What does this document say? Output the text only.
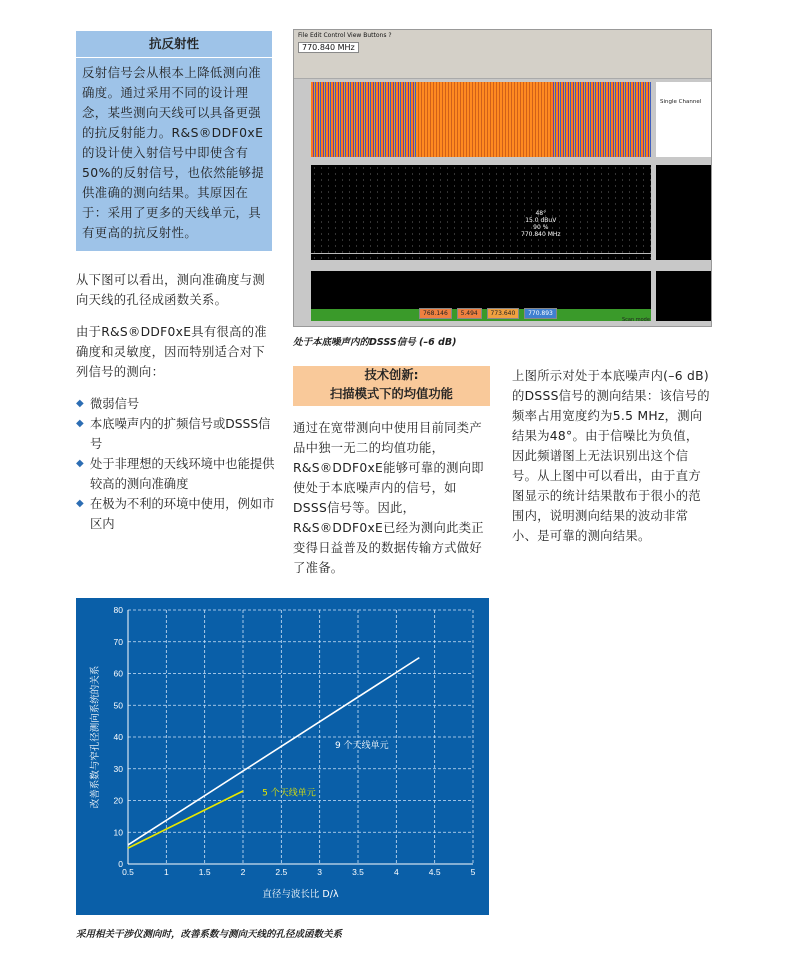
抗反射性
反射信号会从根本上降低测向准确度。通过采用不同的设计理念，某些测向天线可以具备更强的抗反射能力。R&S®DDF0xE的设计使入射信号中即使含有50%的反射信号，也依然能够提供准确的测向结果。其原因在于：采用了更多的天线单元，具有更高的抗反射性。
从下图可以看出，测向准确度与测向天线的孔径成函数关系。
由于R&S®DDF0xE具有很高的准确度和灵敏度，因而特别适合对下列信号的测向：
◆ 微弱信号
◆ 本底噪声内的扩频信号或DSSS信号
◆ 处于非理想的天线环境中也能提供较高的测向准确度
◆ 在极为不利的环境中使用，例如市区内
File Edit Control View Buttons ?
770.840 MHz
Single Channel
48°
15.0 dBuV
90 %
770.840 MHz
768.146 5.494 773.640 770.893
Scan mode
处于本底噪声内的DSSS信号 (–6 dB)
技术创新:
扫描模式下的均值功能
通过在宽带测向中使用目前同类产品中独一无二的均值功能，R&S®DDF0xE能够可靠的测向即使处于本底噪声内的信号，如DSSS信号等。因此，R&S®DDF0xE已经为测向此类正变得日益普及的数据传输方式做好了准备。
上图所示对处于本底噪声内(–6 dB)的DSSS信号的测向结果：该信号的频率占用宽度约为5.5 MHz，测向结果为48°。由于信噪比为负值，因此频谱图上无法识别出这个信号。从上图中可以看出，由于直方图显示的统计结果散布于很小的范围内，说明测向结果的波动非常小、是可靠的测向结果。
0.5	1	1.5	2	2.5	3	3.5	4	4.5	5
0
10
20
30
40
50
60
70
80
9 个天线单元
5 个天线单元
直径与波长比 D/λ
改善系数与窄孔径测向系统的关系
采用相关干涉仪测向时，改善系数与测向天线的孔径成函数关系
